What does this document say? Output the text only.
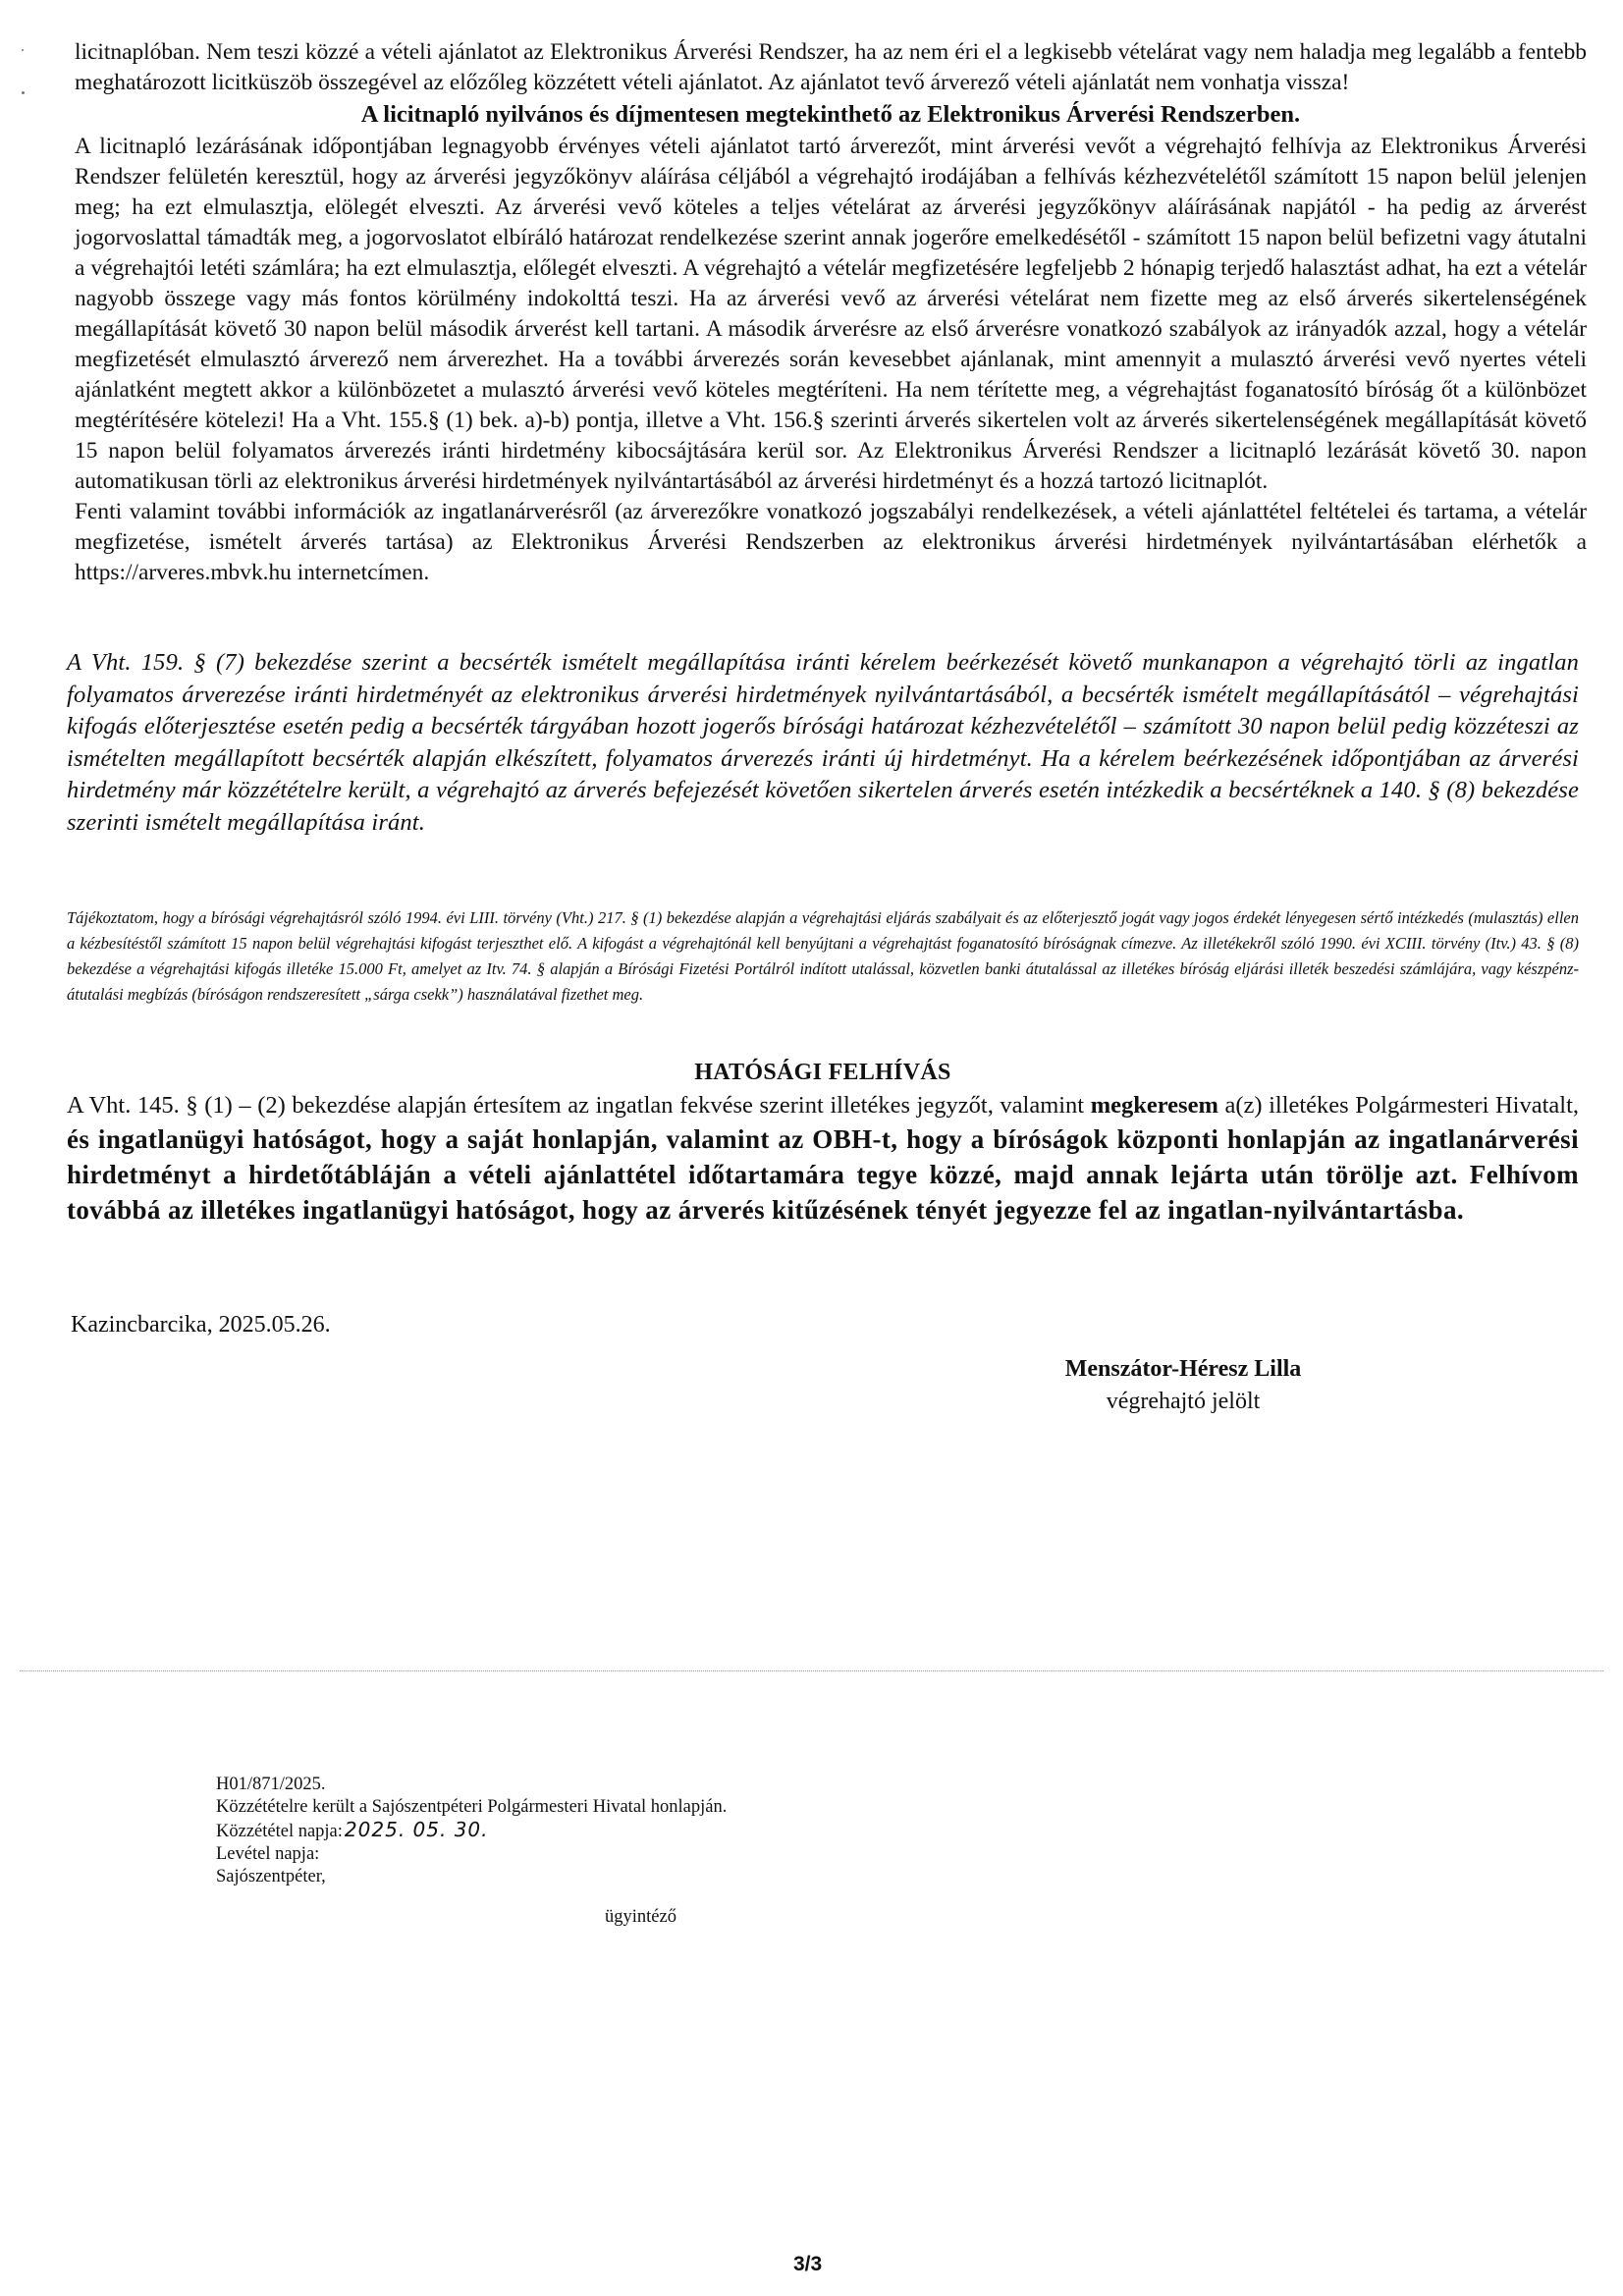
licitnaplóban. Nem teszi közzé a vételi ajánlatot az Elektronikus Árverési Rendszer, ha az nem éri el a legkisebb vételárat vagy nem haladja meg legalább a fentebb meghatározott licitküszöb összegével az előzőleg közzétett vételi ajánlatot. Az ajánlatot tevő árverező vételi ajánlatát nem vonhatja vissza!

A licitnapló nyilvános és díjmentesen megtekinthető az Elektronikus Árverési Rendszerben.

A licitnapló lezárásának időpontjában legnagyobb érvényes vételi ajánlatot tartó árverezőt, mint árverési vevőt a végrehajtó felhívja az Elektronikus Árverési Rendszer felületén keresztül, hogy az árverési jegyzőkönyv aláírása céljából a végrehajtó irodájában a felhívás kézhezvételétől számított 15 napon belül jelenjen meg; ha ezt elmulasztja, elölegét elveszti. Az árverési vevő köteles a teljes vételárat az árverési jegyzőkönyv aláírásának napjától - ha pedig az árverést jogorvoslattal támadták meg, a jogorvoslatot elbíráló határozat rendelkezése szerint annak jogerőre emelkedésétől - számított 15 napon belül befizetni vagy átutalni a végrehajtói letéti számlára; ha ezt elmulasztja, előlegét elveszti. A végrehajtó a vételár megfizetésére legfeljebb 2 hónapig terjedő halasztást adhat, ha ezt a vételár nagyobb összege vagy más fontos körülmény indokolttá teszi. Ha az árverési vevő az árverési vételárat nem fizette meg az első árverés sikertelenségének megállapítását követő 30 napon belül második árverést kell tartani. A második árverésre az első árverésre vonatkozó szabályok az irányadók azzal, hogy a vételár megfizetését elmulasztó árverező nem árverezhet. Ha a további árverezés során kevesebbet ajánlanak, mint amennyit a mulasztó árverési vevő nyertes vételi ajánlatként megtett akkor a különbözetet a mulasztó árverési vevő köteles megtéríteni. Ha nem térítette meg, a végrehajtást foganatosító bíróság őt a különbözet megtérítésére kötelezi! Ha a Vht. 155.§ (1) bek. a)-b) pontja, illetve a Vht. 156.§ szerinti árverés sikertelen volt az árverés sikertelenségének megállapítását követő 15 napon belül folyamatos árverezés iránti hirdetmény kibocsájtására kerül sor. Az Elektronikus Árverési Rendszer a licitnapló lezárását követő 30. napon automatikusan törli az elektronikus árverési hirdetmények nyilvántartásából az árverési hirdetményt és a hozzá tartozó licitnaplót.

Fenti valamint további információk az ingatlanárverésről (az árverezőkre vonatkozó jogszabályi rendelkezések, a vételi ajánlattétel feltételei és tartama, a vételár megfizetése, ismételt árverés tartása) az Elektronikus Árverési Rendszerben az elektronikus árverési hirdetmények nyilvántartásában elérhetők a https://arveres.mbvk.hu internetcímen.

A Vht. 159. § (7) bekezdése szerint a becsérték ismételt megállapítása iránti kérelem beérkezését követő munkanapon a végrehajtó törli az ingatlan folyamatos árverezése iránti hirdetményét az elektronikus árverési hirdetmények nyilvántartásából, a becsérték ismételt megállapításától – végrehajtási kifogás előterjesztése esetén pedig a becsérték tárgyában hozott jogerős bírósági határozat kézhezvételétől – számított 30 napon belül pedig közzéteszi az ismételten megállapított becsérték alapján elkészített, folyamatos árverezés iránti új hirdetményt. Ha a kérelem beérkezésének időpontjában az árverési hirdetmény már közzétételre került, a végrehajtó az árverés befejezését követően sikertelen árverés esetén intézkedik a becsértéknek a 140. § (8) bekezdése szerinti ismételt megállapítása iránt.
Tájékoztatom, hogy a bírósági végrehajtásról szóló 1994. évi LIII. törvény (Vht.) 217. § (1) bekezdése alapján a végrehajtási eljárás szabályait és az előterjesztő jogát vagy jogos érdekét lényegesen sértő intézkedés (mulasztás) ellen a kézbesítéstől számított 15 napon belül végrehajtási kifogást terjeszthet elő. A kifogást a végrehajtónál kell benyújtani a végrehajtást foganatosító bíróságnak címezve. Az illetékekről szóló 1990. évi XCIII. törvény (Itv.) 43. § (8) bekezdése a végrehajtási kifogás illetéke 15.000 Ft, amelyet az Itv. 74. § alapján a Bírósági Fizetési Portálról indított utalással, közvetlen banki átutalással az illetékes bíróság eljárási illeték beszedési számlájára, vagy készpénz-átutalási megbízás (bíróságon rendszeresített „sárga csekk”) használatával fizethet meg.
HATÓSÁGI FELHÍVÁS
A Vht. 145. § (1) – (2) bekezdése alapján értesítem az ingatlan fekvése szerint illetékes jegyzőt, valamint megkeresem a(z) illetékes Polgármesteri Hivatalt, és ingatlanügyi hatóságot, hogy a saját honlapján, valamint az OBH-t, hogy a bíróságok központi honlapján az ingatlanárverési hirdetményt a hirdetőtábláján a vételi ajánlattétel időtartamára tegye közzé, majd annak lejárta után törölje azt. Felhívom továbbá az illetékes ingatlanügyi hatóságot, hogy az árverés kitűzésének tényét jegyezze fel az ingatlan-nyilvántartásba.
Kazincbarcika, 2025.05.26.
Menszátor-Héresz Lilla
végrehajtó jelölt
H01/871/2025.
Közzétételre került a Sajószentpéteri Polgármesteri Hivatal honlapján.
Közzététel napja: 2025. 05. 30.
Levétel napja:
Sajószentpéter,
ügyintéző
3/3
